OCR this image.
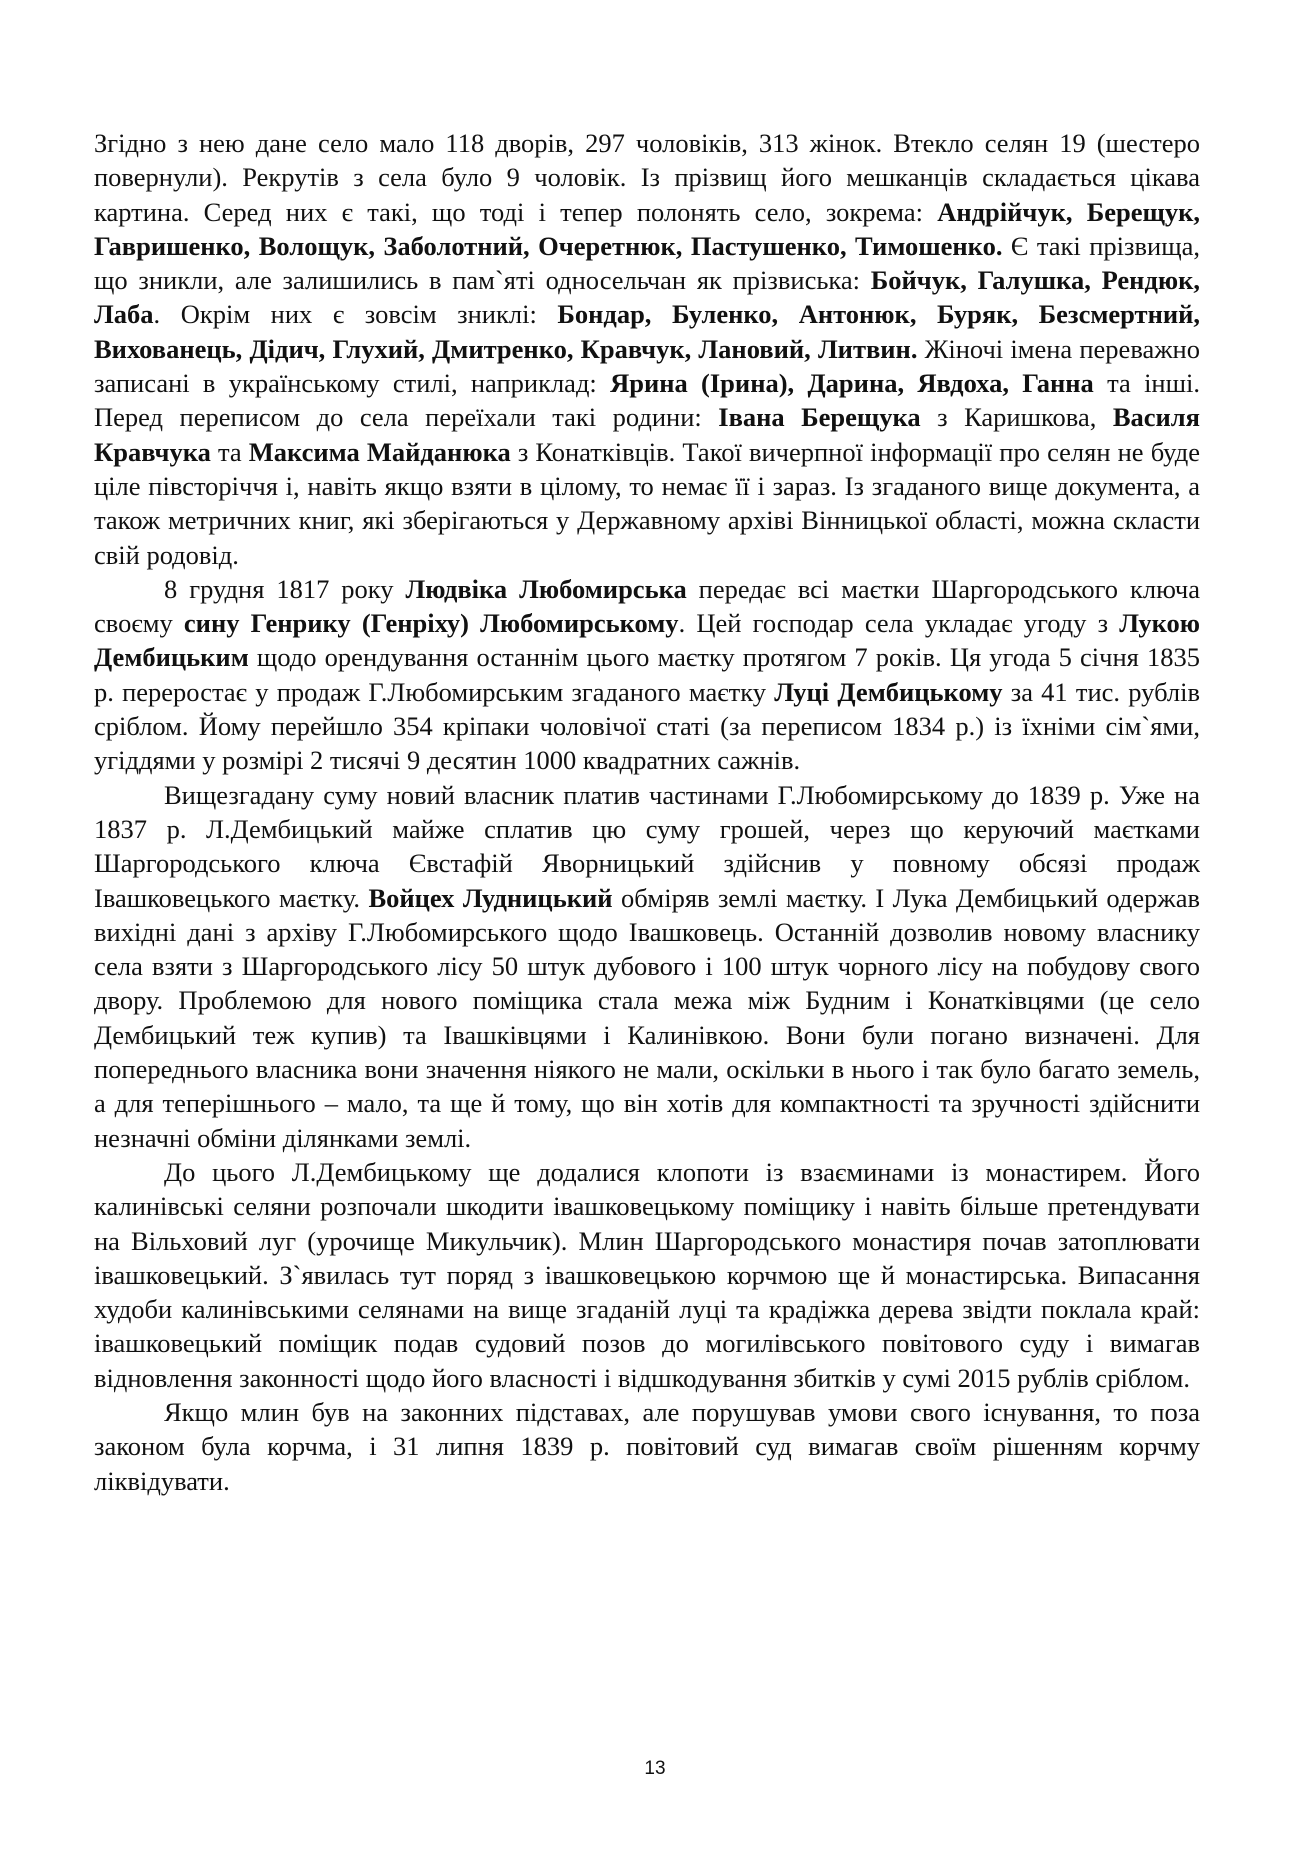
Згідно з нею дане село мало 118 дворів, 297 чоловіків, 313 жінок. Втекло селян 19 (шестеро повернули). Рекрутів з села було 9 чоловік. Із прізвищ його мешканців складається цікава картина. Серед них є такі, що тоді і тепер полонять село, зокрема: Андрійчук, Берещук, Гавришенко, Волощук, Заболотний, Очеретнюк, Пастушенко, Тимошенко. Є такі прізвища, що зникли, але залишились в пам`яті односельчан як прізвиська: Бойчук, Галушка, Рендюк, Лаба. Окрім них є зовсім зниклі: Бондар, Буленко, Антонюк, Буряк, Безсмертний, Вихованець, Дідич, Глухий, Дмитренко, Кравчук, Лановий, Литвин. Жіночі імена переважно записані в українському стилі, наприклад: Ярина (Ірина), Дарина, Явдоха, Ганна та інші. Перед переписом до села переїхали такі родини: Івана Берещука з Каришкова, Василя Кравчука та Максима Майданюка з Конатківців. Такої вичерпної інформації про селян не буде ціле півсторіччя і, навіть якщо взяти в цілому, то немає її і зараз. Із згаданого вище документа, а також метричних книг, які зберігаються у Державному архіві Вінницької області, можна скласти свій родовід.

8 грудня 1817 року Людвіка Любомирська передає всі маєтки Шаргородського ключа своєму сину Генрику (Генріху) Любомирському. Цей господар села укладає угоду з Лукою Дембицьким щодо орендування останнім цього маєтку протягом 7 років. Ця угода 5 січня 1835 р. переростає у продаж Г.Любомирським згаданого маєтку Луці Дембицькому за 41 тис. рублів сріблом. Йому перейшло 354 кріпаки чоловічої статі (за переписом 1834 р.) із їхніми сім`ями, угіддями у розмірі 2 тисячі 9 десятин 1000 квадратних сажнів.

Вищезгадану суму новий власник платив частинами Г.Любомирському до 1839 р. Уже на 1837 р. Л.Дембицький майже сплатив цю суму грошей, через що керуючий маєтками Шаргородського ключа Євстафій Яворницький здійснив у повному обсязі продаж Івашковецького маєтку. Войцех Лудницький обміряв землі маєтку. І Лука Дембицький одержав вихідні дані з архіву Г.Любомирського щодо Івашковець. Останній дозволив новому власнику села взяти з Шаргородського лісу 50 штук дубового і 100 штук чорного лісу на побудову свого двору. Проблемою для нового поміщика стала межа між Будним і Конатківцями (це село Дембицький теж купив) та Івашківцями і Калинівкою. Вони були погано визначені. Для попереднього власника вони значення ніякого не мали, оскільки в нього і так було багато земель, а для теперішнього – мало, та ще й тому, що він хотів для компактності та зручності здійснити незначні обміни ділянками землі.

До цього Л.Дембицькому ще додалися клопоти із взаєминами із монастирем. Його калинівські селяни розпочали шкодити івашковецькому поміщику і навіть більше претендувати на Вільховий луг (урочище Микульчик). Млин Шаргородського монастиря почав затоплювати івашковецький. З`явилась тут поряд з івашковецькою корчмою ще й монастирська. Випасання худоби калинівськими селянами на вище згаданій луці та крадіжка дерева звідти поклала край: івашковецький поміщик подав судовий позов до могилівського повітового суду і вимагав відновлення законності щодо його власності і відшкодування збитків у сумі 2015 рублів сріблом.

Якщо млин був на законних підставах, але порушував умови свого існування, то поза законом була корчма, і 31 липня 1839 р. повітовий суд вимагав своїм рішенням корчму ліквідувати.

13
